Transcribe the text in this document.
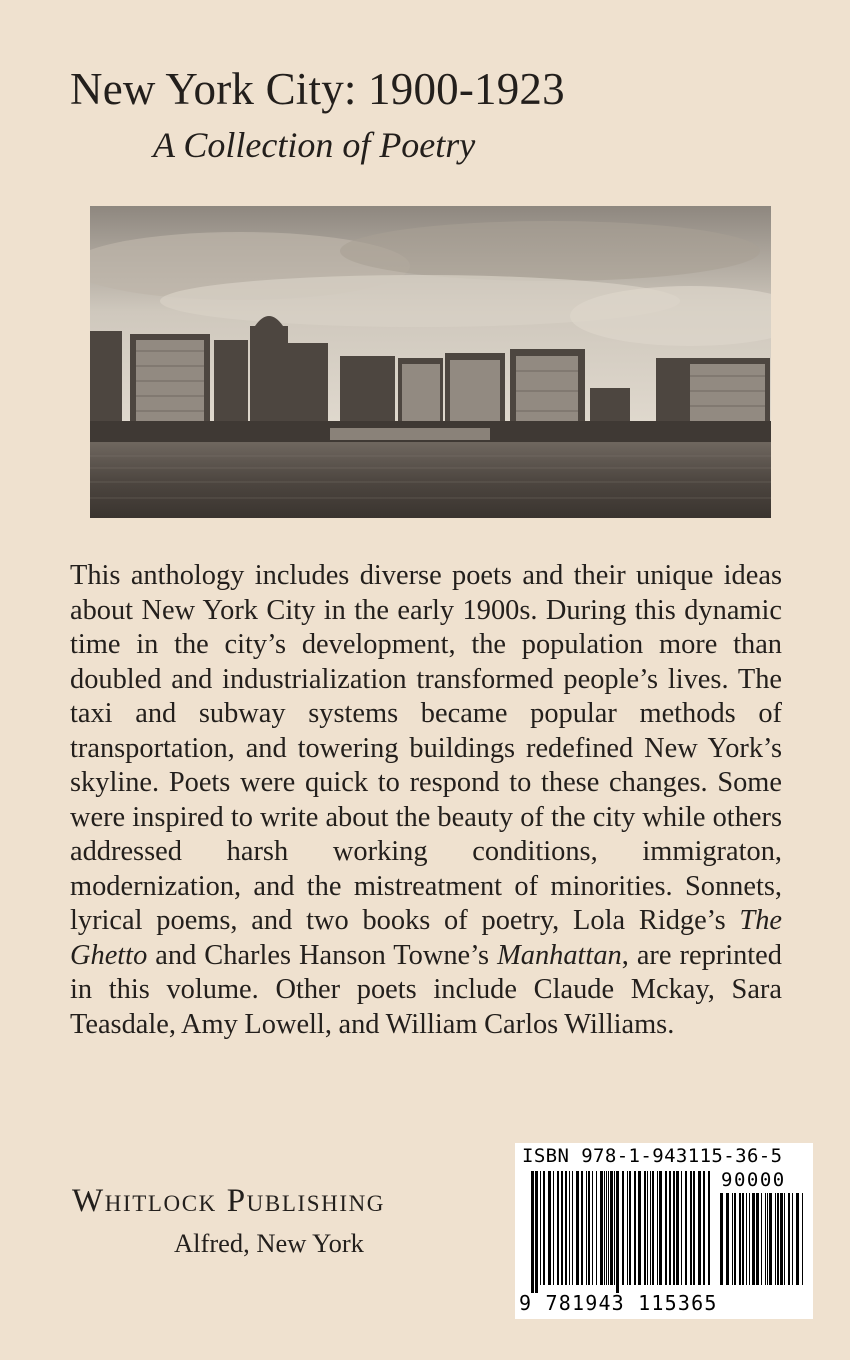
New York City: 1900-1923
A Collection of Poetry
This anthology includes diverse poets and their unique ideas about New York City in the early 1900s. During this dynamic time in the city’s development, the population more than doubled and industrialization transformed people’s lives. The taxi and subway systems became popular methods of transportation, and towering buildings redefined New York’s skyline. Poets were quick to respond to these changes. Some were inspired to write about the beauty of the city while others addressed harsh working conditions, immigraton, modernization, and the mistreatment of minorities. Sonnets, lyrical poems, and two books of poetry, Lola Ridge’s The Ghetto and Charles Hanson Towne’s Manhattan, are reprinted in this volume. Other poets include Claude Mckay, Sara Teasdale, Amy Lowell, and William Carlos Williams.
Whitlock Publishing
Alfred, New York
ISBN 978-1-943115-36-5
90000
9 781943 115365
